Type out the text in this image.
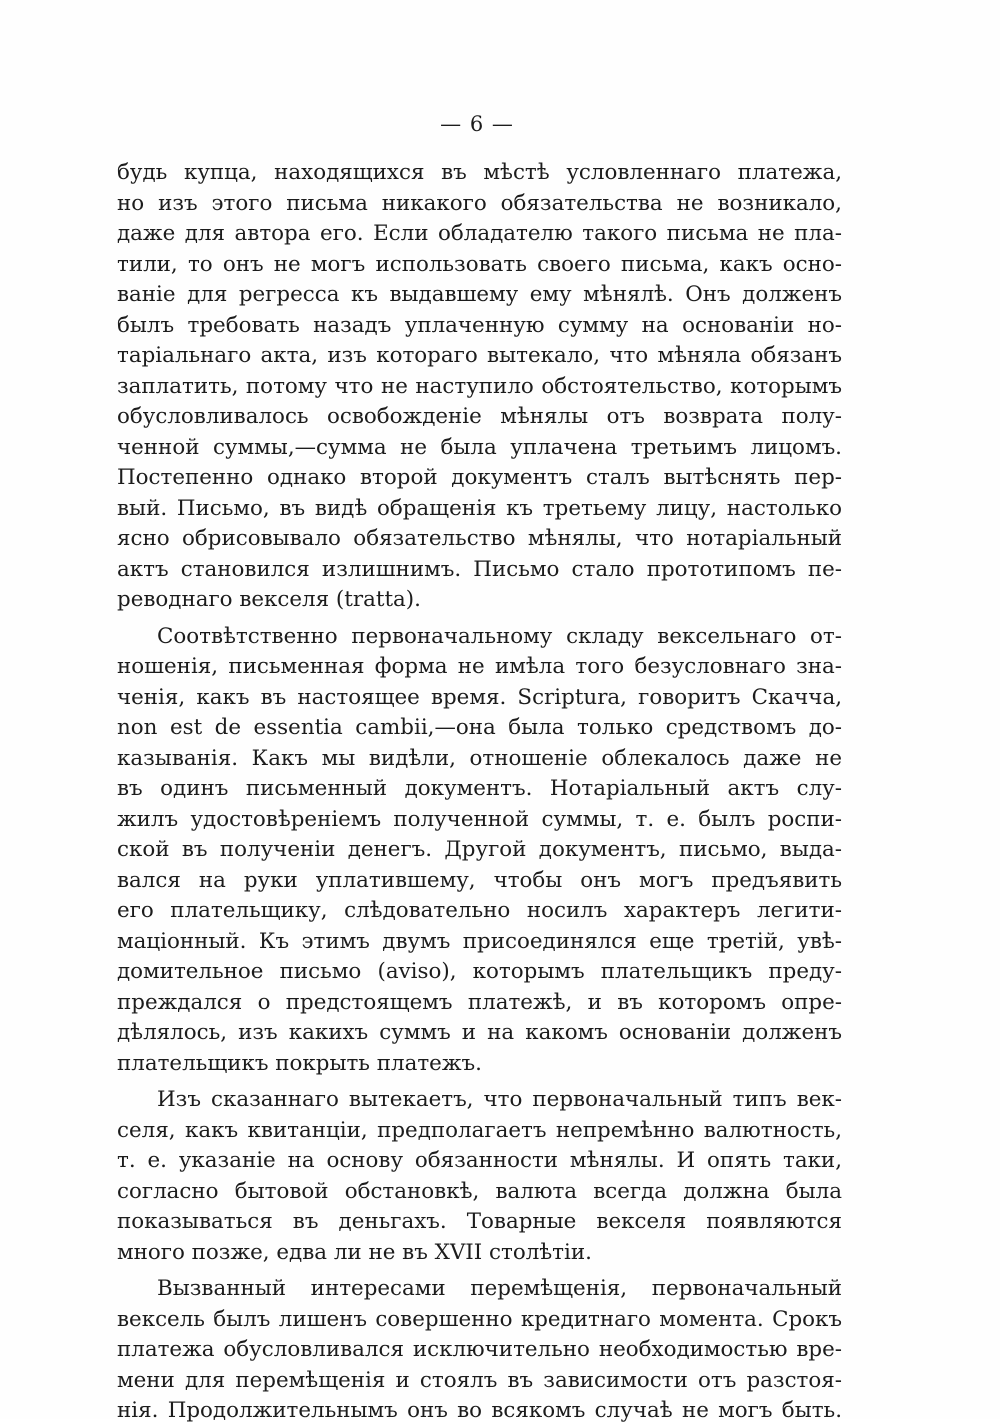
— 6 —
будь купца, находящихся въ мѣстѣ условленнаго платежа,
но изъ этого письма никакого обязательства не возникало,
даже для автора его. Если обладателю такого письма не пла-
тили, то онъ не могъ использовать своего письма, какъ осно-
ваніе для регресса къ выдавшему ему мѣнялѣ. Онъ долженъ
былъ требовать назадъ уплаченную сумму на основаніи но-
таріальнаго акта, изъ котораго вытекало, что мѣняла обязанъ
заплатить, потому что не наступило обстоятельство, которымъ
обусловливалось освобожденіе мѣнялы отъ возврата полу-
ченной суммы,—сумма не была уплачена третьимъ лицомъ.
Постепенно однако второй документъ сталъ вытѣснять пер-
вый. Письмо, въ видѣ обращенія къ третьему лицу, настолько
ясно обрисовывало обязательство мѣнялы, что нотаріальный
актъ становился излишнимъ. Письмо стало прототипомъ пе-
реводнаго векселя (tratta).
Соотвѣтственно первоначальному складу вексельнаго от-
ношенія, письменная форма не имѣла того безусловнаго зна-
ченія, какъ въ настоящее время. Scriptura, говоритъ Скачча,
non est de essentia cambii,—она была только средствомъ до-
казыванія. Какъ мы видѣли, отношеніе облекалось даже не
въ одинъ письменный документъ. Нотаріальный актъ слу-
жилъ удостовѣреніемъ полученной суммы, т. е. былъ роспи-
ской въ полученіи денегъ. Другой документъ, письмо, выда-
вался на руки уплатившему, чтобы онъ могъ предъявить
его плательщику, слѣдовательно носилъ характеръ легити-
маціонный. Къ этимъ двумъ присоединялся еще третій, увѣ-
домительное письмо (aviso), которымъ плательщикъ преду-
преждался о предстоящемъ платежѣ, и въ которомъ опре-
дѣлялось, изъ какихъ суммъ и на какомъ основаніи долженъ
плательщикъ покрыть платежъ.
Изъ сказаннаго вытекаетъ, что первоначальный типъ век-
селя, какъ квитанціи, предполагаетъ непремѣнно валютность,
т. е. указаніе на основу обязанности мѣнялы. И опять таки,
согласно бытовой обстановкѣ, валюта всегда должна была
показываться въ деньгахъ. Товарные векселя появляются
много позже, едва ли не въ XVII столѣтіи.
Вызванный интересами перемѣщенія, первоначальный
вексель былъ лишенъ совершенно кредитнаго момента. Срокъ
платежа обусловливался исключительно необходимостью вре-
мени для перемѣщенія и стоялъ въ зависимости отъ разстоя-
нія. Продолжительнымъ онъ во всякомъ случаѣ не могъ быть.
